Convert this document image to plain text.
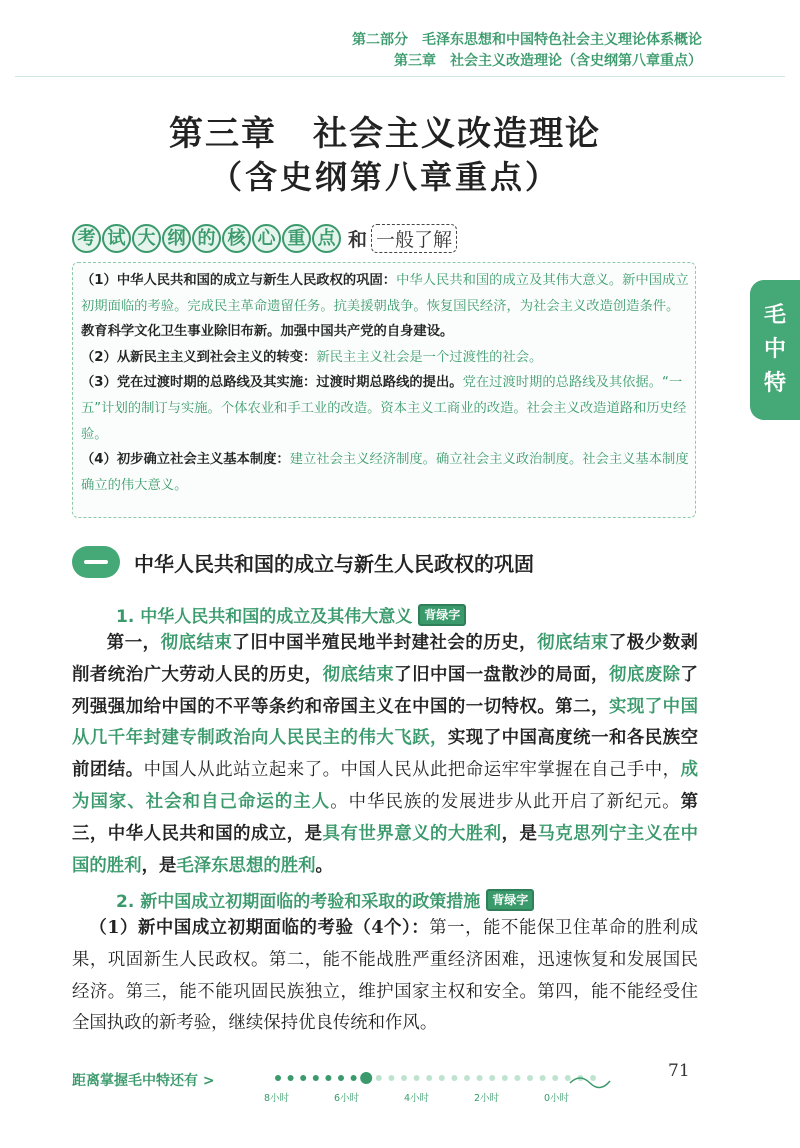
第二部分　毛泽东思想和中国特色社会主义理论体系概论
第三章　社会主义改造理论（含史纲第八章重点）
毛
中
特
第三章　社会主义改造理论
（含史纲第八章重点）
考 试 大 纲 的 核 心 重 点 和 一般了解

（1）中华人民共和国的成立与新生人民政权的巩固：中华人民共和国的成立及其伟大意义。新中国成立初期面临的考验。完成民主革命遗留任务。抗美援朝战争。恢复国民经济，为社会主义改造创造条件。教育科学文化卫生事业除旧布新。加强中国共产党的自身建设。

（2）从新民主主义到社会主义的转变：新民主主义社会是一个过渡性的社会。

（3）党在过渡时期的总路线及其实施：过渡时期总路线的提出。党在过渡时期的总路线及其依据。“一五”计划的制订与实施。个体农业和手工业的改造。资本主义工商业的改造。社会主义改造道路和历史经验。

（4）初步确立社会主义基本制度：建立社会主义经济制度。确立社会主义政治制度。社会主义基本制度确立的伟大意义。

中华人民共和国的成立与新生人民政权的巩固
1. 中华人民共和国的成立及其伟大意义	背绿字

第一，彻底结束了旧中国半殖民地半封建社会的历史，彻底结束了极少数剥削者统治广大劳动人民的历史，彻底结束了旧中国一盘散沙的局面，彻底废除了列强强加给中国的不平等条约和帝国主义在中国的一切特权。第二，实现了中国从几千年封建专制政治向人民民主的伟大飞跃，实现了中国高度统一和各民族空前团结。中国人从此站立起来了。中国人民从此把命运牢牢掌握在自己手中，成为国家、社会和自己命运的主人。中华民族的发展进步从此开启了新纪元。第三，中华人民共和国的成立，是具有世界意义的大胜利，是马克思列宁主义在中国的胜利，是毛泽东思想的胜利。

2. 新中国成立初期面临的考验和采取的政策措施	背绿字

（1）新中国成立初期面临的考验（4个）：第一，能不能保卫住革命的胜利成果，巩固新生人民政权。第二，能不能战胜严重经济困难，迅速恢复和发展国民经济。第三，能不能巩固民族独立，维护国家主权和安全。第四，能不能经受住全国执政的新考验，继续保持优良传统和作风。

距离掌握毛中特还有 >
8小时	6小时	4小时	2小时	0小时
71
